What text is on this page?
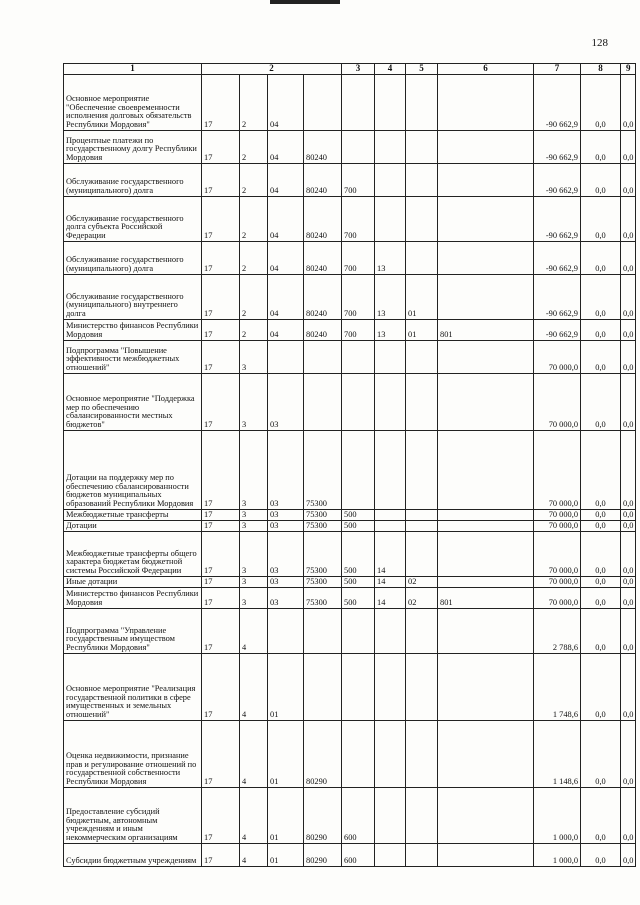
128
1	2				3	4	5	6	7	8	9
Основное мероприятие "Обеспечение своевременности исполнения долговых обязательств Республики Мордовия"	17	2	04						-90 662,9	0,0	0,0
Процентные платежи по государственному долгу Республики Мордовия	17	2	04	80240					-90 662,9	0,0	0,0
Обслуживание государственного (муниципального) долга	17	2	04	80240	700				-90 662,9	0,0	0,0
Обслуживание государственного долга субъекта Российской Федерации	17	2	04	80240	700				-90 662,9	0,0	0,0
Обслуживание государственного (муниципального) долга	17	2	04	80240	700	13			-90 662,9	0,0	0,0
Обслуживание государственного (муниципального) внутреннего долга	17	2	04	80240	700	13	01		-90 662,9	0,0	0,0
Министерство финансов Республики Мордовия	17	2	04	80240	700	13	01	801	-90 662,9	0,0	0,0
Подпрограмма "Повышение эффективности межбюджетных отношений"	17	3							70 000,0	0,0	0,0
Основное мероприятие "Поддержка мер по обеспечению сбалансированности местных бюджетов"	17	3	03						70 000,0	0,0	0,0
Дотации на поддержку мер по обеспечению сбалансированности бюджетов муниципальных образований Республики Мордовия	17	3	03	75300					70 000,0	0,0	0,0
Межбюджетные трансферты	17	3	03	75300	500				70 000,0	0,0	0,0
Дотации	17	3	03	75300	500				70 000,0	0,0	0,0
Межбюджетные трансферты общего характера бюджетам бюджетной системы Российской Федерации	17	3	03	75300	500	14			70 000,0	0,0	0,0
Иные дотации	17	3	03	75300	500	14	02		70 000,0	0,0	0,0
Министерство финансов Республики Мордовия	17	3	03	75300	500	14	02	801	70 000,0	0,0	0,0
Подпрограмма "Управление государственным имуществом Республики Мордовия"	17	4							2 788,6	0,0	0,0
Основное мероприятие "Реализация государственной политики в сфере имущественных и земельных отношений"	17	4	01						1 748,6	0,0	0,0
Оценка недвижимости, признание прав и регулирование отношений по государственной собственности Республики Мордовия	17	4	01	80290					1 148,6	0,0	0,0
Предоставление субсидий бюджетным, автономным учреждениям и иным некоммерческим организациям	17	4	01	80290	600				1 000,0	0,0	0,0
Субсидии бюджетным учреждениям	17	4	01	80290	600				1 000,0	0,0	0,0
